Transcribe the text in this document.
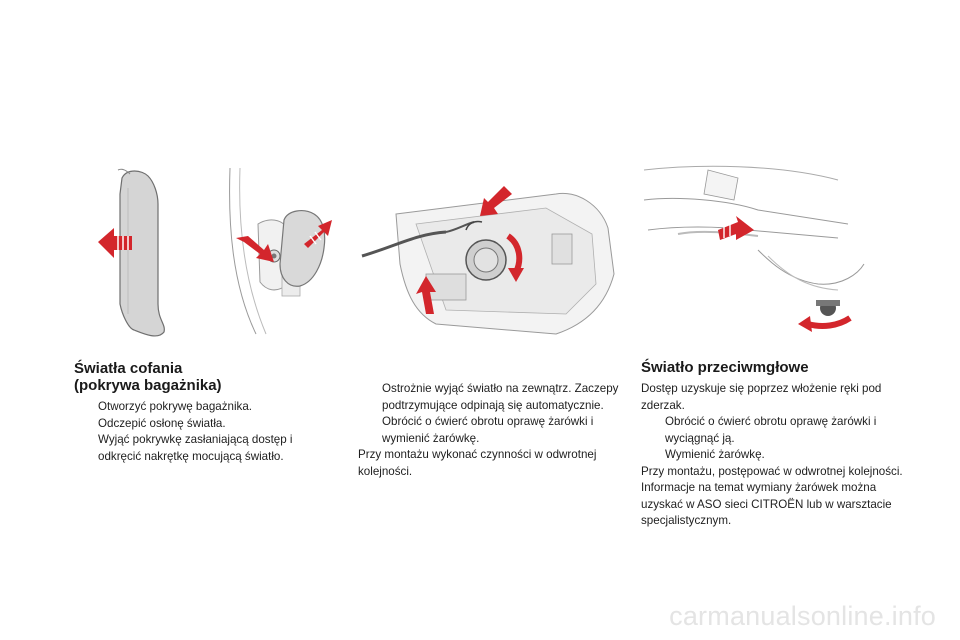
Światła cofania
(pokrywa bagażnika)
Otworzyć pokrywę bagażnika.
Odczepić osłonę światła.
Wyjąć pokrywkę zasłaniającą dostęp i odkręcić nakrętkę mocującą światło.
Ostrożnie wyjąć światło na zewnątrz. Zaczepy podtrzymujące odpinają się automatycznie.
Obrócić o ćwierć obrotu oprawę żarówki i wymienić żarówkę.

Przy montażu wykonać czynności w odwrotnej kolejności.

Światło przeciwmgłowe

Dostęp uzyskuje się poprzez włożenie ręki pod zderzak.

Obrócić o ćwierć obrotu oprawę żarówki i wyciągnąć ją.
Wymienić żarówkę.

Przy montażu, postępować w odwrotnej kolejności.

Informacje na temat wymiany żarówek można uzyskać w ASO sieci CITROËN lub w warsztacie specjalistycznym.

carmanualsonline.info
